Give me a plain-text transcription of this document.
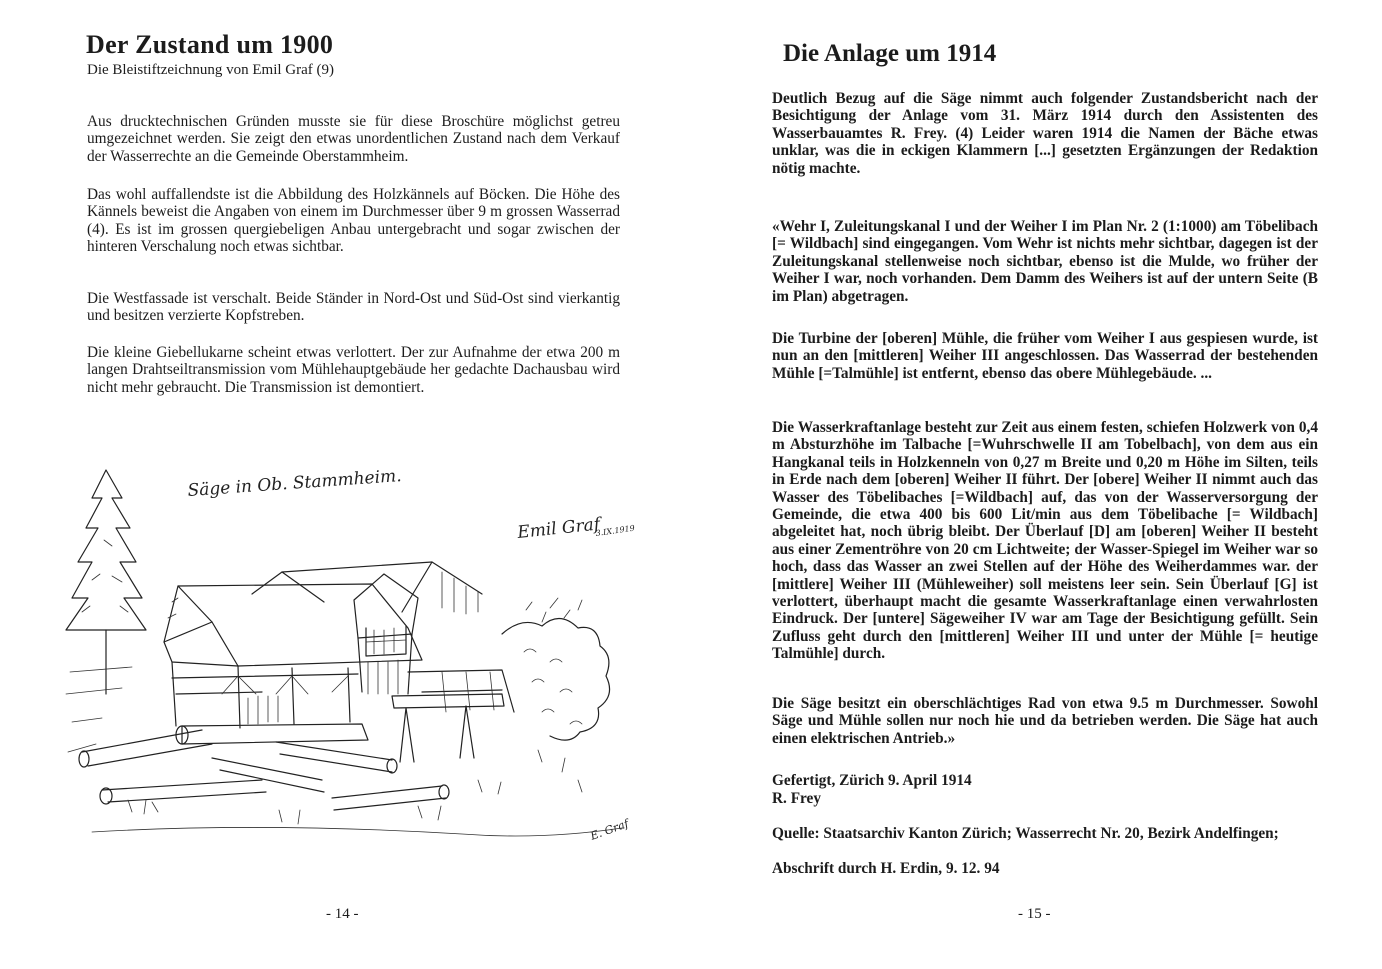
Der Zustand um 1900

Die Bleistiftzeichnung von Emil Graf (9)

Aus drucktechnischen Gründen musste sie für diese Broschüre möglichst getreu umgezeichnet werden. Sie zeigt den etwas unordentlichen Zustand nach dem Verkauf der Wasserrechte an die Gemeinde Oberstammheim.

Das wohl auffallendste ist die Abbildung des Holzkännels auf Böcken. Die Höhe des Kännels beweist die Angaben von einem im Durchmesser über 9 m grossen Wasserrad (4). Es ist im grossen quergiebeligen Anbau untergebracht und sogar zwischen der hinteren Verschalung noch etwas sichtbar.

Die Westfassade ist verschalt. Beide Ständer in Nord-Ost und Süd-Ost sind vierkantig und besitzen verzierte Kopfstreben.

Die kleine Giebellukarne scheint etwas verlottert. Der zur Aufnahme der etwa 200 m langen Drahtseiltransmission vom Mühlehauptgebäude her gedachte Dachausbau wird nicht mehr gebraucht. Die Transmission ist demontiert.

Säge in Ob. Stammheim.
Emil Graf
3.IX.1919
E. Graf

- 14 -

Die Anlage um 1914

Deutlich Bezug auf die Säge nimmt auch folgender Zustandsbericht nach der Besichtigung der Anlage vom 31. März 1914 durch den Assistenten des Wasserbauamtes R. Frey. (4) Leider waren 1914 die Namen der Bäche etwas unklar, was die in eckigen Klammern [...] gesetzten Ergänzungen der Redaktion nötig machte.

«Wehr I, Zuleitungskanal I und der Weiher I im Plan Nr. 2 (1:1000) am Töbelibach [= Wildbach] sind eingegangen. Vom Wehr ist nichts mehr sichtbar, dagegen ist der Zuleitungskanal stellenweise noch sichtbar, ebenso ist die Mulde, wo früher der Weiher I war, noch vorhanden. Dem Damm des Weihers ist auf der untern Seite (B im Plan) abgetragen.

Die Turbine der [oberen] Mühle, die früher vom Weiher I aus gespiesen wurde, ist nun an den [mittleren] Weiher III angeschlossen. Das Wasserrad der bestehenden Mühle [=Talmühle] ist entfernt, ebenso das obere Mühlegebäude. ...

Die Wasserkraftanlage besteht zur Zeit aus einem festen, schiefen Holzwerk von 0,4 m Absturzhöhe im Talbache [=Wuhrschwelle II am Tobelbach], von dem aus ein Hangkanal teils in Holzkenneln von 0,27 m Breite und 0,20 m Höhe im Silten, teils in Erde nach dem [oberen] Weiher II führt. Der [obere] Weiher II nimmt auch das Wasser des Töbelibaches [=Wildbach] auf, das von der Wasserversorgung der Gemeinde, die etwa 400 bis 600 Lit/min aus dem Töbelibache [= Wildbach] abgeleitet hat, noch übrig bleibt. Der Überlauf [D] am [oberen] Weiher II besteht aus einer Zementröhre von 20 cm Lichtweite; der Wasser-Spiegel im Weiher war so hoch, dass das Wasser an zwei Stellen auf der Höhe des Weiherdammes war. der [mittlere] Weiher III (Mühleweiher) soll meistens leer sein. Sein Überlauf [G] ist verlottert, überhaupt macht die gesamte Wasserkraftanlage einen verwahrlosten Eindruck. Der [untere] Sägeweiher IV war am Tage der Besichtigung gefüllt. Sein Zufluss geht durch den [mittleren] Weiher III und unter der Mühle [= heutige Talmühle] durch.

Die Säge besitzt ein oberschlächtiges Rad von etwa 9.5 m Durchmesser. Sowohl Säge und Mühle sollen nur noch hie und da betrieben werden. Die Säge hat auch einen elektrischen Antrieb.»

Gefertigt, Zürich 9. April 1914

R. Frey

Quelle: Staatsarchiv Kanton Zürich; Wasserrecht Nr. 20, Bezirk Andelfingen;

Abschrift durch H. Erdin, 9. 12. 94

- 15 -
